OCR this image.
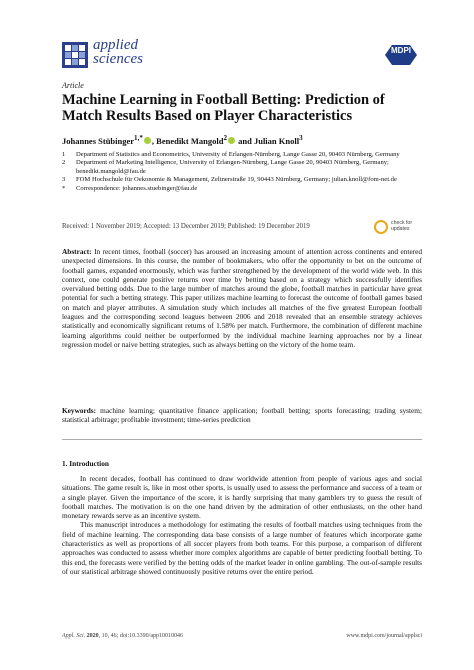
applied
sciences
MDPI
Article
Machine Learning in Football Betting: Prediction of Match Results Based on Player Characteristics
Johannes Stübinger$^{1,*}$ , Benedikt Mangold$^2$ and Julian Knoll$^3$
1	Department of Statistics and Econometrics, University of Erlangen-Nürnberg, Lange Gasse 20, 90403 Nürnberg, Germany
2	Department of Marketing Intelligence, University of Erlangen-Nürnberg, Lange Gasse 20, 90403 Nürnberg, Germany; benedikt.mangold@fau.de
3	FOM Hochschule für Oekonomie & Management, Zeltnerstraße 19, 90443 Nürnberg, Germany; julian.knoll@fom-net.de
*	Correspondence: johannes.stuebinger@fau.de
Received: 1 November 2019; Accepted: 13 December 2019; Published: 19 December 2019	check for
updates
Abstract: In recent times, football (soccer) has aroused an increasing amount of attention across continents and entered unexpected dimensions. In this course, the number of bookmakers, who offer the opportunity to bet on the outcome of football games, expanded enormously, which was further strengthened by the development of the world wide web. In this context, one could generate positive returns over time by betting based on a strategy which successfully identifies overvalued betting odds. Due to the large number of matches around the globe, football matches in particular have great potential for such a betting strategy. This paper utilizes machine learning to forecast the outcome of football games based on match and player attributes. A simulation study which includes all matches of the five greatest European football leagues and the corresponding second leagues between 2006 and 2018 revealed that an ensemble strategy achieves statistically and economically significant returns of 1.58% per match. Furthermore, the combination of different machine learning algorithms could neither be outperformed by the individual machine learning approaches nor by a linear regression model or naive betting strategies, such as always betting on the victory of the home team.
Keywords: machine learning; quantitative finance application; football betting; sports forecasting; trading system; statistical arbitrage; profitable investment; time-series prediction
1. Introduction

In recent decades, football has continued to draw worldwide attention from people of various ages and social situations. The game result is, like in most other sports, is usually used to assess the performance and success of a team or a single player. Given the importance of the score, it is hardly surprising that many gamblers try to guess the result of football matches. The motivation is on the one hand driven by the admiration of other enthusiasts, on the other hand monetary rewards serve as an incentive system.

This manuscript introduces a methodology for estimating the results of football matches using techniques from the field of machine learning. The corresponding data base consists of a large number of features which incorporate game characteristics as well as proportions of all soccer players from both teams. For this purpose, a comparison of different approaches was conducted to assess whether more complex algorithms are capable of better predicting football betting. To this end, the forecasts were verified by the betting odds of the market leader in online gambling. The out-of-sample results of our statistical arbitrage showed continuously positive returns over the entire period.

Appl. Sci. 2020, 10, 46; doi:10.3390/app10010046	www.mdpi.com/journal/applsci
